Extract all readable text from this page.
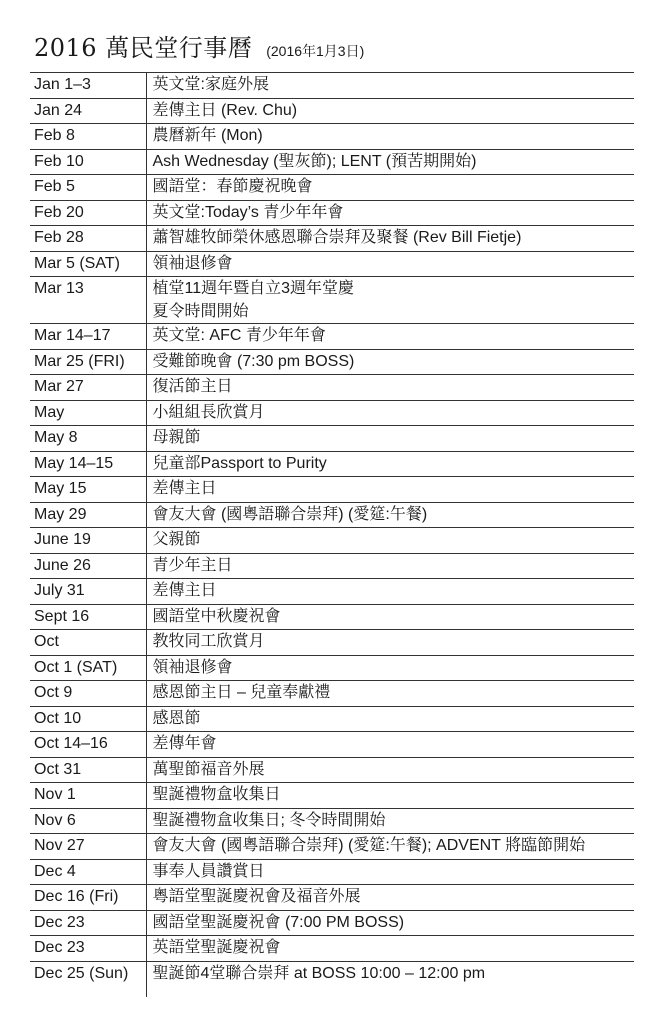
2016 萬民堂行事曆 (2016年1月3日)
Jan 1–3	英文堂:家庭外展

Jan 24	差傳主日 (Rev. Chu)

Feb 8	農曆新年 (Mon)

Feb 10	Ash Wednesday (聖灰節); LENT (預苦期開始)

Feb 5	國語堂：春節慶祝晚會

Feb 20	英文堂:Today’s 青少年年會

Feb 28	蕭智雄牧師榮休感恩聯合崇拜及聚餐 (Rev Bill Fietje)

Mar 5 (SAT)	領袖退修會

Mar 13	植堂11週年暨自立3週年堂慶
夏令時間開始

Mar 14–17	英文堂: AFC 青少年年會

Mar 25 (FRI)	受難節晚會 (7:30 pm BOSS)

Mar 27	復活節主日

May	小組組長欣賞月

May 8	母親節

May 14–15	兒童部Passport to Purity

May 15	差傳主日

May 29	會友大會 (國粵語聯合崇拜) (愛筵:午餐)

June 19	父親節

June 26	青少年主日

July 31	差傳主日

Sept 16	國語堂中秋慶祝會

Oct	教牧同工欣賞月

Oct 1 (SAT)	領袖退修會

Oct 9	感恩節主日 – 兒童奉獻禮

Oct 10	感恩節

Oct 14–16	差傳年會

Oct 31	萬聖節福音外展

Nov 1	聖誕禮物盒收集日

Nov 6	聖誕禮物盒收集日; 冬令時間開始

Nov 27	會友大會 (國粵語聯合崇拜) (愛筵:午餐); ADVENT 將臨節開始

Dec 4	事奉人員讚賞日

Dec 16 (Fri)	粵語堂聖誕慶祝會及福音外展

Dec 23	國語堂聖誕慶祝會 (7:00 PM BOSS)

Dec 23	英語堂聖誕慶祝會

Dec 25 (Sun)	聖誕節4堂聯合崇拜 at BOSS 10:00 – 12:00 pm
